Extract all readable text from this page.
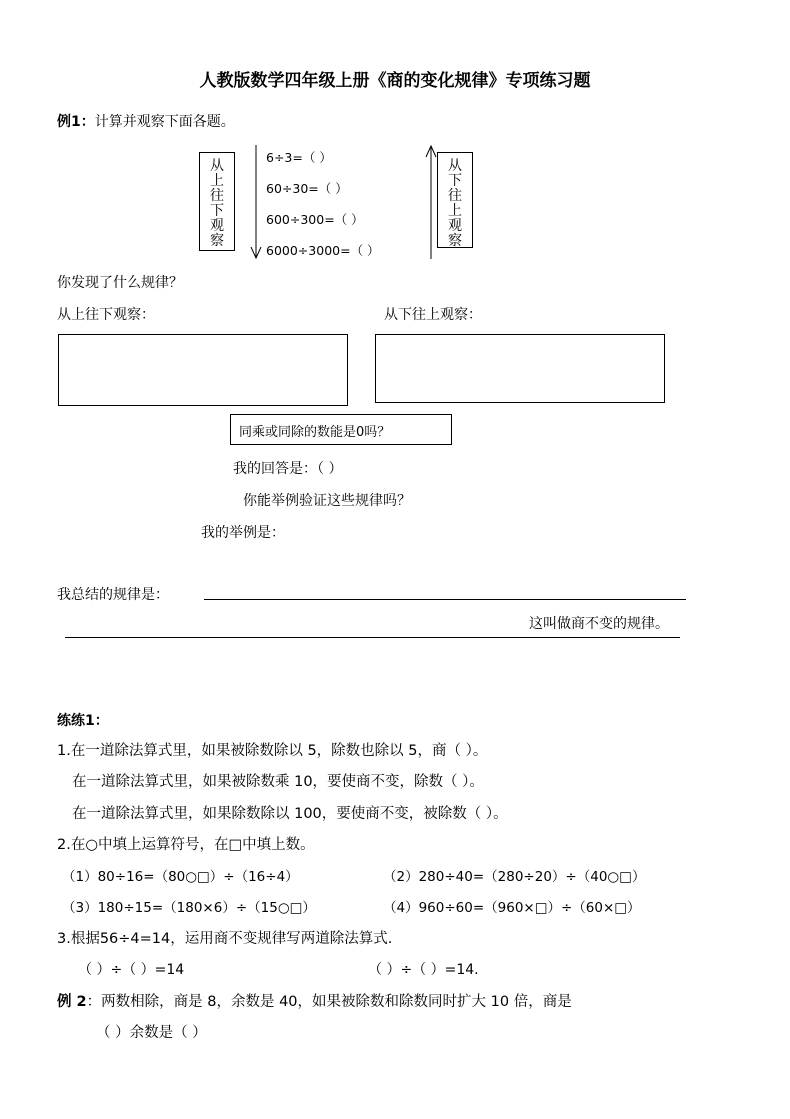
人教版数学四年级上册《商的变化规律》专项练习题
例1：计算并观察下面各题。
从上往下观察
6÷3=（ ）
60÷30=（ ）
600÷300=（ ）
6000÷3000=（ ）
从下往上观察
你发现了什么规律？
从上往下观察：	从下往上观察：
同乘或同除的数能是0吗？
我的回答是：（ ）
你能举例验证这些规律吗？
我的举例是：
我总结的规律是：
这叫做商不变的规律。
练练1：
1.在一道除法算式里，如果被除数除以 5，除数也除以 5，商（ ）。
在一道除法算式里，如果被除数乘 10，要使商不变，除数（ ）。
在一道除法算式里，如果除数除以 100，要使商不变，被除数（ ）。
2.在○中填上运算符号，在□中填上数。
（1）80÷16=（80○□）÷（16÷4）	（2）280÷40=（280÷20）÷（40○□）
（3）180÷15=（180×6）÷（15○□）	（4）960÷60=（960×□）÷（60×□）
3.根据56÷4=14，运用商不变规律写两道除法算式.
（ ）÷（ ）=14	（ ）÷（ ）=14.
例 2：两数相除，商是 8，余数是 40，如果被除数和除数同时扩大 10 倍，商是
（ ）余数是（ ）
